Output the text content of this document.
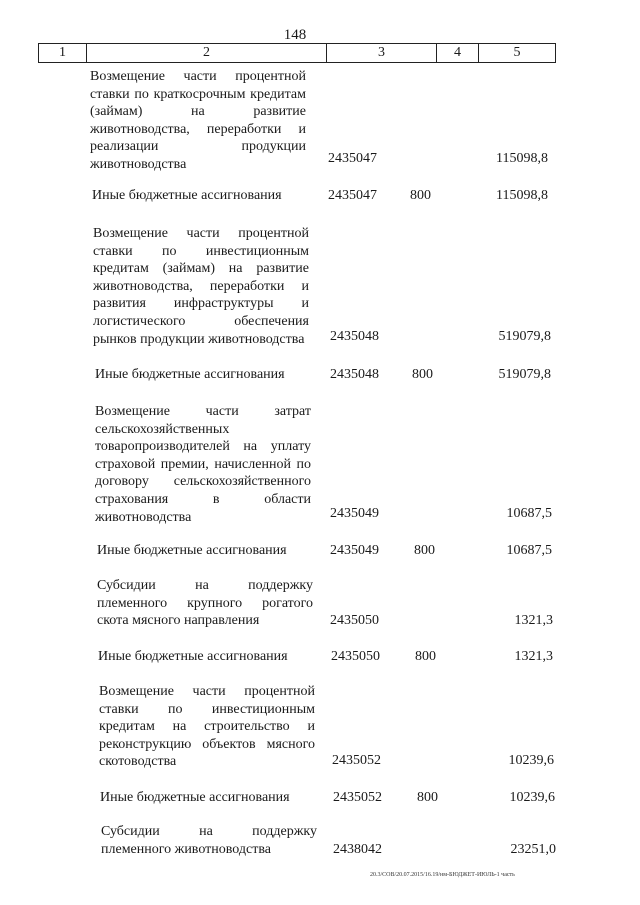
148
1	2	3	4	5
Возмещение части процентной ставки по краткосрочным кредитам (займам) на развитие животноводства, переработки и реализации продукции животноводства	2435047	115098,8
Иные бюджетные ассигнования	2435047 800	115098,8
Возмещение части процентной ставки по инвестиционным кредитам (займам) на развитие животноводства, переработки и развития инфраструктуры и логистического обеспечения рынков продукции животноводства	2435048	519079,8
Иные бюджетные ассигнования	2435048 800	519079,8
Возмещение части затрат сельскохозяйственных товаропроизводителей на уплату страховой премии, начисленной по договору сельскохозяйственного страхования в области животноводства	2435049	10687,5
Иные бюджетные ассигнования	2435049	800	10687,5
Субсидии на поддержку племенного крупного рогатого скота мясного направления	2435050	1321,3
Иные бюджетные ассигнования	2435050	800	1321,3
Возмещение части процентной ставки по инвестиционным кредитам на строительство и реконструкцию объектов мясного скотоводства	2435052	10239,6
Иные бюджетные ассигнования	2435052	800	10239,6
Субсидии на поддержку племенного животноводства	2438042	23251,0
20.3/СОВ/20.07.2015/16.19/нм-БЮДЖЕТ-ИЮЛЬ-1 часть
